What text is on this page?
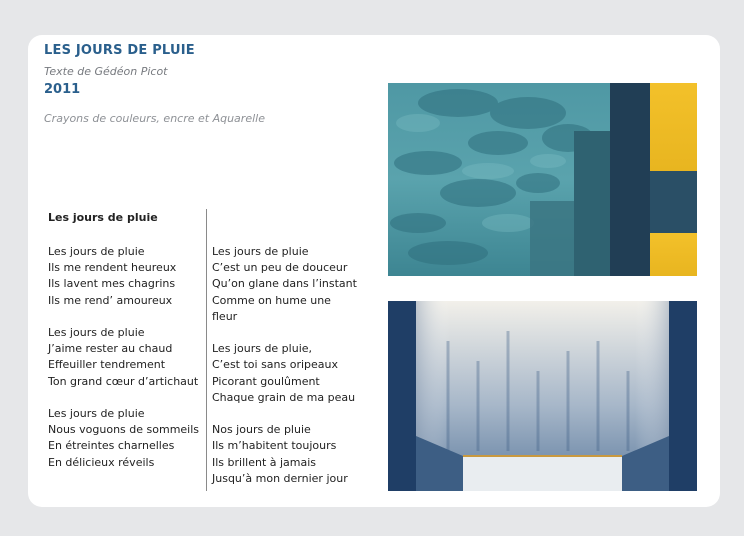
LES JOURS DE PLUIE
Texte de Gédéon Picot
2011
Crayons de couleurs, encre et Aquarelle
Les jours de pluie
Les jours de pluie
Ils me rendent heureux
Ils lavent mes chagrins
Ils me rend’ amoureux
Les jours de pluie
J’aime rester au chaud
Effeuiller tendrement
Ton grand cœur d’artichaut
Les jours de pluie
Nous voguons de sommeils
En étreintes charnelles
En délicieux réveils
Les jours de pluie
C’est un peu de douceur
Qu’on glane dans l’instant
Comme on hume une
fleur
Les jours de pluie,
C’est toi sans oripeaux
Picorant goulûment
Chaque grain de ma peau
Nos jours de pluie
Ils m’habitent toujours
Ils brillent à jamais
Jusqu’à mon dernier jour
